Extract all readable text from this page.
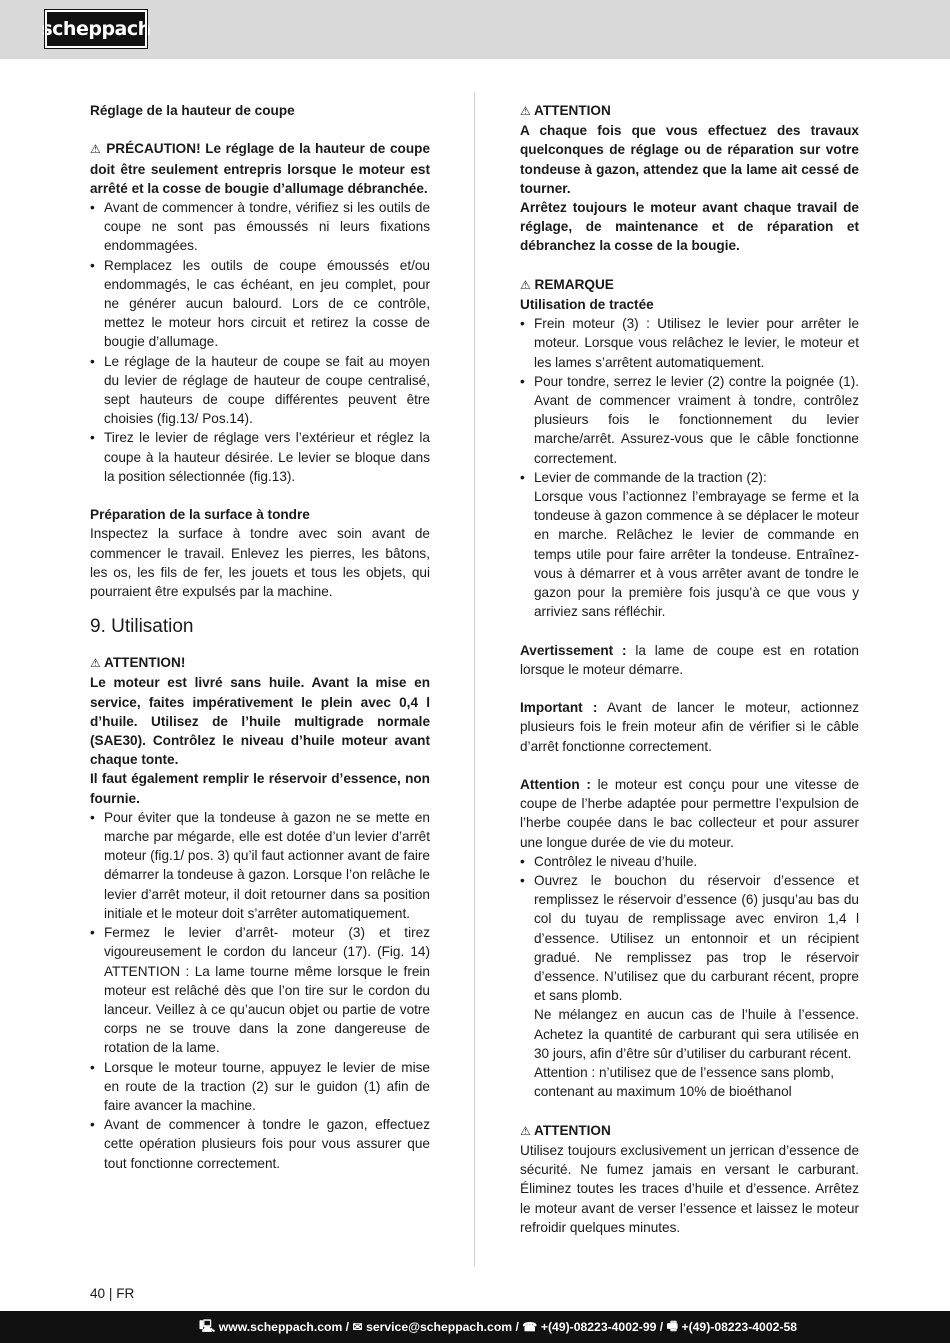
scheppach

Réglage de la hauteur de coupe

⚠ PRÉCAUTION! Le réglage de la hauteur de coupe doit être seulement entrepris lorsque le moteur est arrêté et la cosse de bougie d’allumage débranchée.

• Avant de commencer à tondre, vérifiez si les outils de coupe ne sont pas émoussés ni leurs fixations endommagées.

• Remplacez les outils de coupe émoussés et/ou endommagés, le cas échéant, en jeu complet, pour ne générer aucun balourd. Lors de ce contrôle, mettez le moteur hors circuit et retirez la cosse de bougie d’allumage.

• Le réglage de la hauteur de coupe se fait au moyen du levier de réglage de hauteur de coupe centralisé, sept hauteurs de coupe différentes peuvent être choisies (fig.13/ Pos.14).

• Tirez le levier de réglage vers l’extérieur et réglez la coupe à la hauteur désirée. Le levier se bloque dans la position sélectionnée (fig.13).

Préparation de la surface à tondre

Inspectez la surface à tondre avec soin avant de commencer le travail. Enlevez les pierres, les bâtons, les os, les fils de fer, les jouets et tous les objets, qui pourraient être expulsés par la machine.

9. Utilisation

⚠ ATTENTION!

Le moteur est livré sans huile. Avant la mise en service, faites impérativement le plein avec 0,4 l d’huile. Utilisez de l’huile multigrade normale (SAE30). Contrôlez le niveau d’huile moteur avant chaque tonte.

Il faut également remplir le réservoir d’essence, non fournie.

• Pour éviter que la tondeuse à gazon ne se mette en marche par mégarde, elle est dotée d’un levier d’arrêt moteur (fig.1/ pos. 3) qu’il faut actionner avant de faire démarrer la tondeuse à gazon. Lorsque l’on relâche le levier d’arrêt moteur, il doit retourner dans sa position initiale et le moteur doit s’arrêter automatiquement.

• Fermez le levier d’arrêt- moteur (3) et tirez vigoureusement le cordon du lanceur (17). (Fig. 14) ATTENTION : La lame tourne même lorsque le frein moteur est relâché dès que l’on tire sur le cordon du lanceur. Veillez à ce qu’aucun objet ou partie de votre corps ne se trouve dans la zone dangereuse de rotation de la lame.

• Lorsque le moteur tourne, appuyez le levier de mise en route de la traction (2) sur le guidon (1) afin de faire avancer la machine.

• Avant de commencer à tondre le gazon, effectuez cette opération plusieurs fois pour vous assurer que tout fonctionne correctement.

⚠ ATTENTION

A chaque fois que vous effectuez des travaux quelconques de réglage ou de réparation sur votre tondeuse à gazon, attendez que la lame ait cessé de tourner.

Arrêtez toujours le moteur avant chaque travail de réglage, de maintenance et de réparation et débranchez la cosse de la bougie.

⚠ REMARQUE

Utilisation de tractée

• Frein moteur (3) : Utilisez le levier pour arrêter le moteur. Lorsque vous relâchez le levier, le moteur et les lames s’arrêtent automatiquement.

• Pour tondre, serrez le levier (2) contre la poignée (1). Avant de commencer vraiment à tondre, contrôlez plusieurs fois le fonctionnement du levier marche/arrêt. Assurez-vous que le câble fonctionne correctement.

• Levier de commande de la traction (2):

Lorsque vous l’actionnez l’embrayage se ferme et la tondeuse à gazon commence à se déplacer le moteur en marche. Relâchez le levier de commande en temps utile pour faire arrêter la tondeuse. Entraînez-vous à démarrer et à vous arrêter avant de tondre le gazon pour la première fois jusqu’à ce que vous y arriviez sans réfléchir.

Avertissement : la lame de coupe est en rotation lorsque le moteur démarre.

Important : Avant de lancer le moteur, actionnez plusieurs fois le frein moteur afin de vérifier si le câble d’arrêt fonctionne correctement.

Attention : le moteur est conçu pour une vitesse de coupe de l’herbe adaptée pour permettre l’expulsion de l’herbe coupée dans le bac collecteur et pour assurer une longue durée de vie du moteur.

• Contrôlez le niveau d’huile.

• Ouvrez le bouchon du réservoir d’essence et remplissez le réservoir d’essence (6) jusqu’au bas du col du tuyau de remplissage avec environ 1,4 l d’essence. Utilisez un entonnoir et un récipient gradué. Ne remplissez pas trop le réservoir d’essence. N’utilisez que du carburant récent, propre et sans plomb.

Ne mélangez en aucun cas de l’huile à l’essence. Achetez la quantité de carburant qui sera utilisée en 30 jours, afin d’être sûr d’utiliser du carburant récent.

Attention : n’utilisez que de l’essence sans plomb, contenant au maximum 10% de bioéthanol

⚠ ATTENTION

Utilisez toujours exclusivement un jerrican d’essence de sécurité. Ne fumez jamais en versant le carburant. Éliminez toutes les traces d’huile et d’essence. Arrêtez le moteur avant de verser l’essence et laissez le moteur refroidir quelques minutes.

40 | FR
🖳 www.scheppach.com / ✉ service@scheppach.com / ☎ +(49)-08223-4002-99 / 🖷 +(49)-08223-4002-58
